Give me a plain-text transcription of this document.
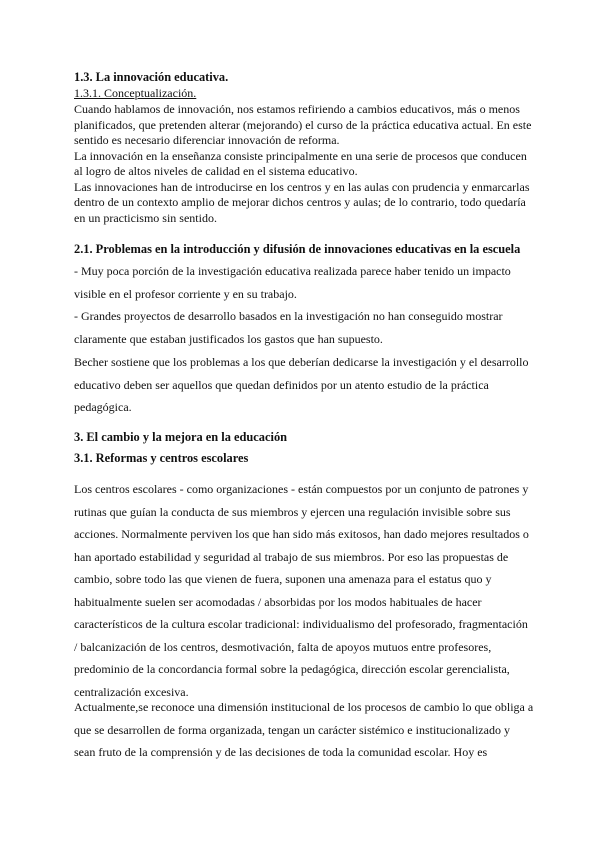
1.3. La innovación educativa.

1.3.1. Conceptualización.

Cuando hablamos de innovación, nos estamos refiriendo a cambios educativos, más o menos planificados, que pretenden alterar (mejorando) el curso de la práctica educativa actual. En este sentido es necesario diferenciar innovación de reforma.

La innovación en la enseñanza consiste principalmente en una serie de procesos que conducen al logro de altos niveles de calidad en el sistema educativo.

Las innovaciones han de introducirse en los centros y en las aulas con prudencia y enmarcarlas dentro de un contexto amplio de mejorar dichos centros y aulas; de lo contrario, todo quedaría en un practicismo sin sentido.

2.1. Problemas en la introducción y difusión de innovaciones educativas en la escuela

- Muy poca porción de la investigación educativa realizada parece haber tenido un impacto visible en el profesor corriente y en su trabajo.

- Grandes proyectos de desarrollo basados en la investigación no han conseguido mostrar claramente que estaban justificados los gastos que han supuesto.

Becher sostiene que los problemas a los que deberían dedicarse la investigación y el desarrollo educativo deben ser aquellos que quedan definidos por un atento estudio de la práctica pedagógica.

3. El cambio y la mejora en la educación

3.1. Reformas y centros escolares

Los centros escolares - como organizaciones - están compuestos por un conjunto de patrones y rutinas que guían la conducta de sus miembros y ejercen una regulación invisible sobre sus acciones. Normalmente perviven los que han sido más exitosos, han dado mejores resultados o han aportado estabilidad y seguridad al trabajo de sus miembros. Por eso las propuestas de cambio, sobre todo las que vienen de fuera, suponen una amenaza para el estatus quo y habitualmente suelen ser acomodadas / absorbidas por los modos habituales de hacer característicos de la cultura escolar tradicional: individualismo del profesorado, fragmentación / balcanización de los centros, desmotivación, falta de apoyos mutuos entre profesores, predominio de la concordancia formal sobre la pedagógica, dirección escolar gerencialista, centralización excesiva.

Actualmente,se reconoce una dimensión institucional de los procesos de cambio lo que obliga a que se desarrollen de forma organizada, tengan un carácter sistémico e institucionalizado y sean fruto de la comprensión y de las decisiones de toda la comunidad escolar. Hoy es
